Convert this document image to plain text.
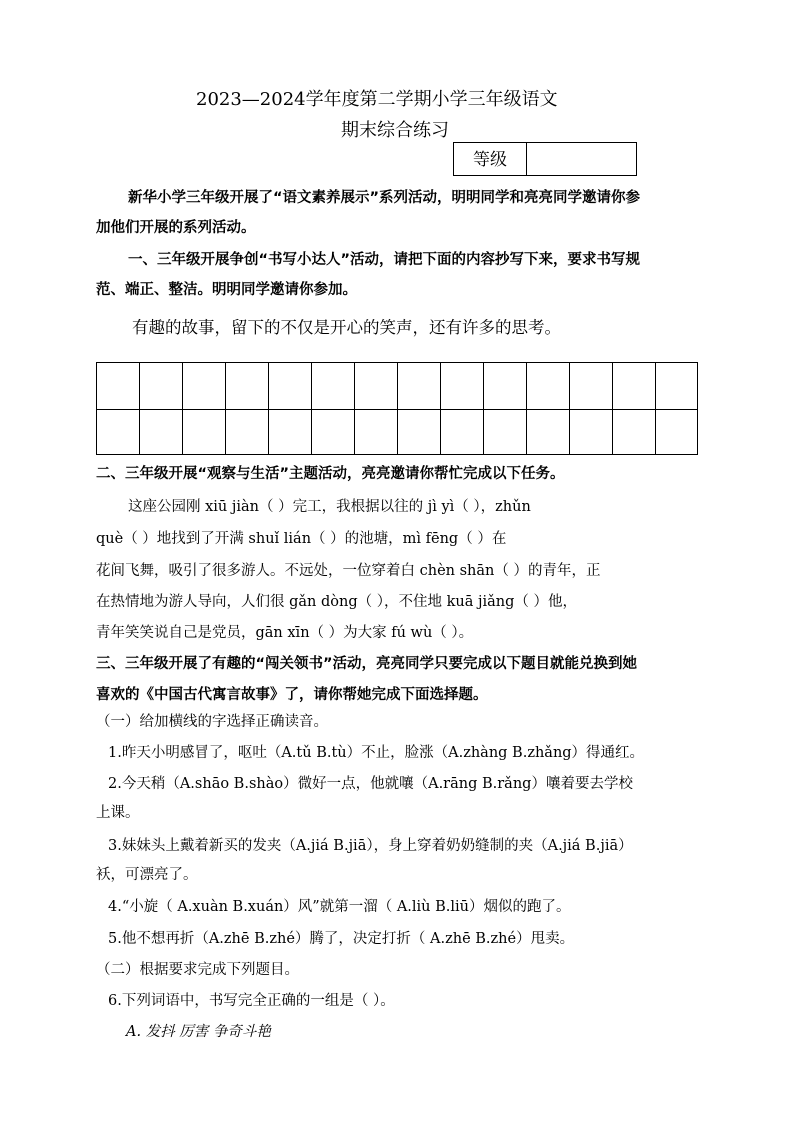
2023—2024学年度第二学期小学三年级语文
期末综合练习
等级
新华小学三年级开展了“语文素养展示”系列活动，明明同学和亮亮同学邀请你参
加他们开展的系列活动。
一、三年级开展争创“书写小达人”活动，请把下面的内容抄写下来，要求书写规
范、端正、整洁。明明同学邀请你参加。
有趣的故事，留下的不仅是开心的笑声，还有许多的思考。
二、三年级开展“观察与生活”主题活动，亮亮邀请你帮忙完成以下任务。
这座公园刚 xiū jiàn（ ）完工，我根据以往的 jì yì（ ），zhǔn
què（ ）地找到了开满 shuǐ lián（ ）的池塘，mì fēng（ ）在
花间飞舞，吸引了很多游人。不远处，一位穿着白 chèn shān（ ）的青年，正
在热情地为游人导向，人们很 gǎn dòng（ ），不住地 kuā jiǎng（ ）他，
青年笑笑说自己是党员，gān xīn（ ）为大家 fú wù（ ）。
三、三年级开展了有趣的“闯关领书”活动，亮亮同学只要完成以下题目就能兑换到她
喜欢的《中国古代寓言故事》了，请你帮她完成下面选择题。
（一）给加横线的字选择正确读音。
1.昨天小明感冒了，呕吐（A.tǔ B.tù）不止，脸涨（A.zhàng B.zhǎng）得通红。
2.今天稍（A.shāo B.shào）微好一点，他就嚷（A.rāng B.rǎng）嚷着要去学校
上课。
3.妹妹头上戴着新买的发夹（A.jiá B.jiā），身上穿着奶奶缝制的夹（A.jiá B.jiā）
袄，可漂亮了。
4.“小旋（ A.xuàn B.xuán）风”就第一溜（ A.liù B.liū）烟似的跑了。
5.他不想再折（A.zhē B.zhé）腾了，决定打折（ A.zhē B.zhé）甩卖。
（二）根据要求完成下列题目。
6.下列词语中，书写完全正确的一组是（ ）。
A. 发抖 厉害 争奇斗艳
